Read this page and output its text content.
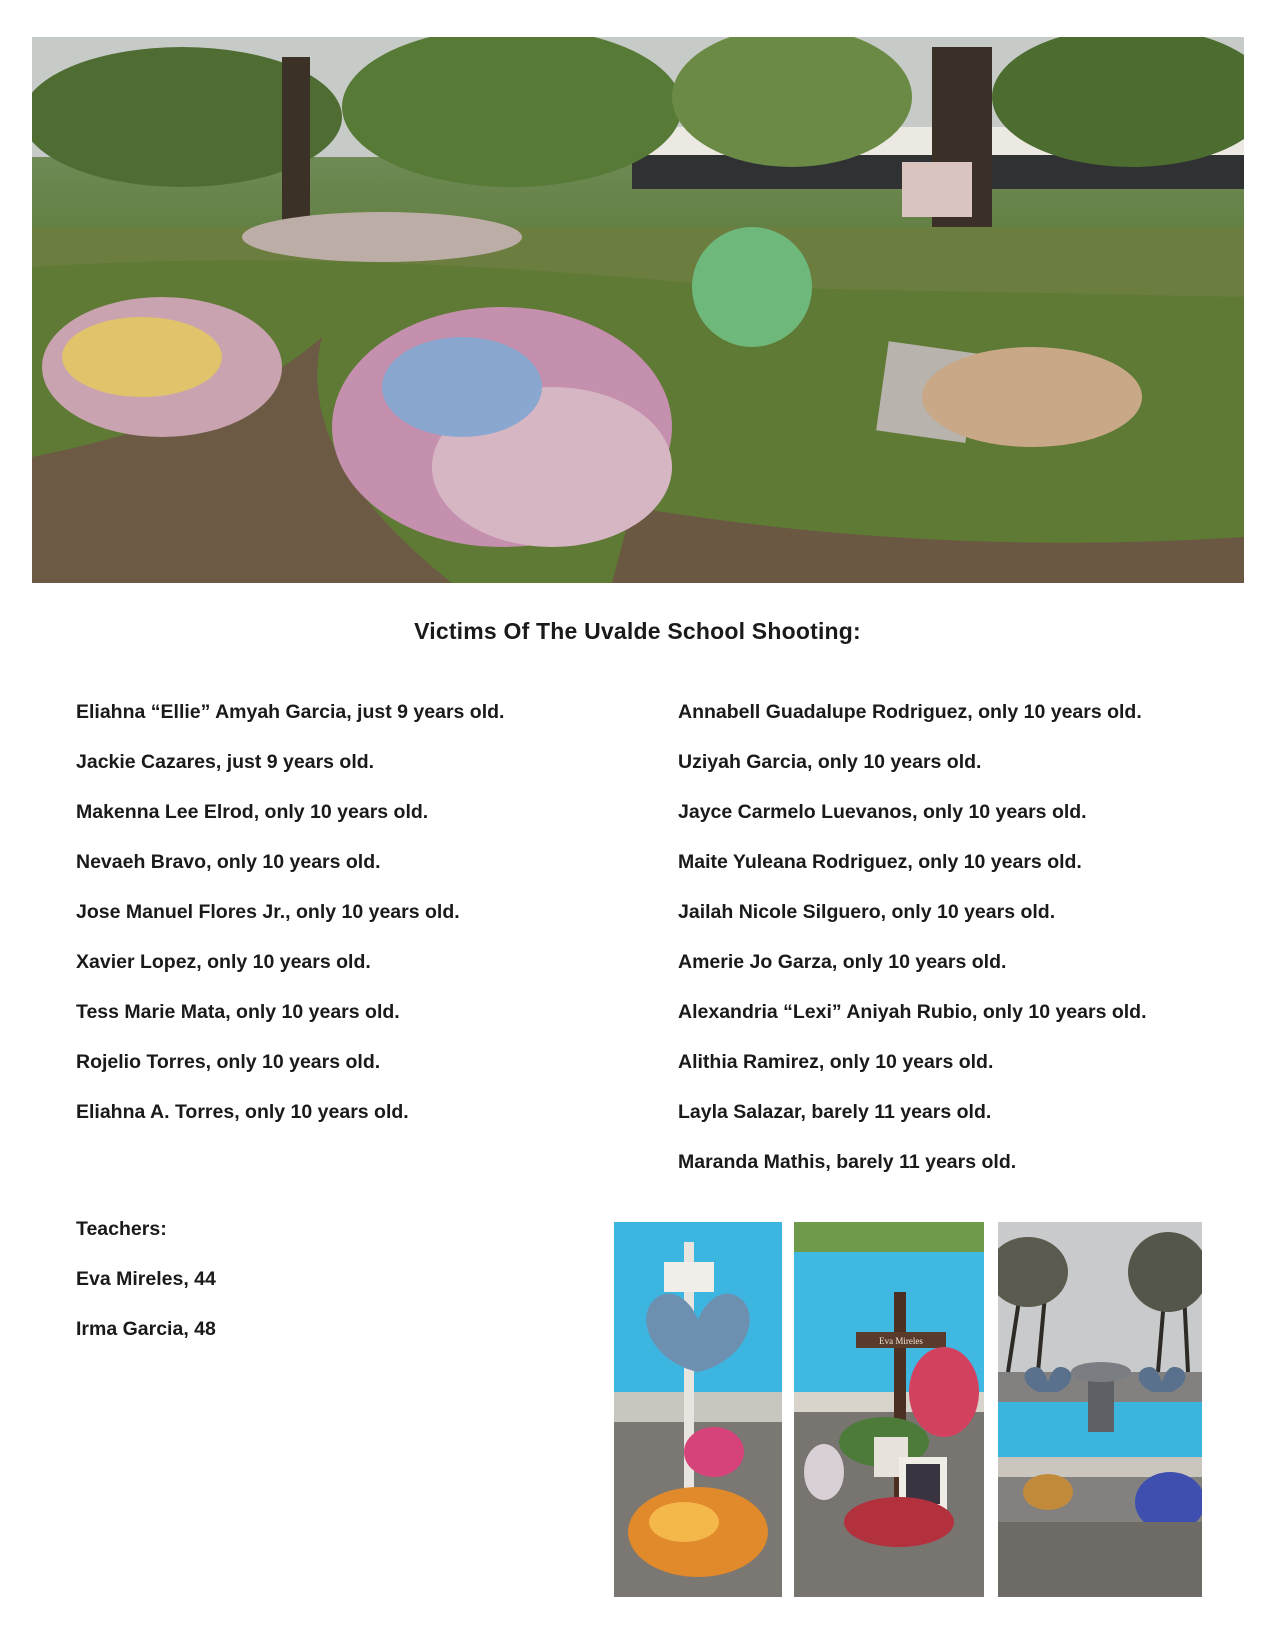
Victims Of The Uvalde School Shooting:
Eliahna “Ellie” Amyah Garcia, just 9 years old.
Jackie Cazares, just 9 years old.
Makenna Lee Elrod, only 10 years old.
Nevaeh Bravo, only 10 years old.
Jose Manuel Flores Jr., only 10 years old.
Xavier Lopez, only 10 years old.
Tess Marie Mata, only 10 years old.
Rojelio Torres, only 10 years old.
Eliahna A. Torres, only 10 years old.
Annabell Guadalupe Rodriguez, only 10 years old.
Uziyah Garcia, only 10 years old.
Jayce Carmelo Luevanos, only 10 years old.
Maite Yuleana Rodriguez, only 10 years old.
Jailah Nicole Silguero, only 10 years old.
Amerie Jo Garza, only 10 years old.
Alexandria “Lexi” Aniyah Rubio, only 10 years old.
Alithia Ramirez, only 10 years old.
Layla Salazar, barely 11 years old.
Maranda Mathis, barely 11 years old.
Teachers:
Eva Mireles, 44
Irma Garcia, 48
Eva Mireles
